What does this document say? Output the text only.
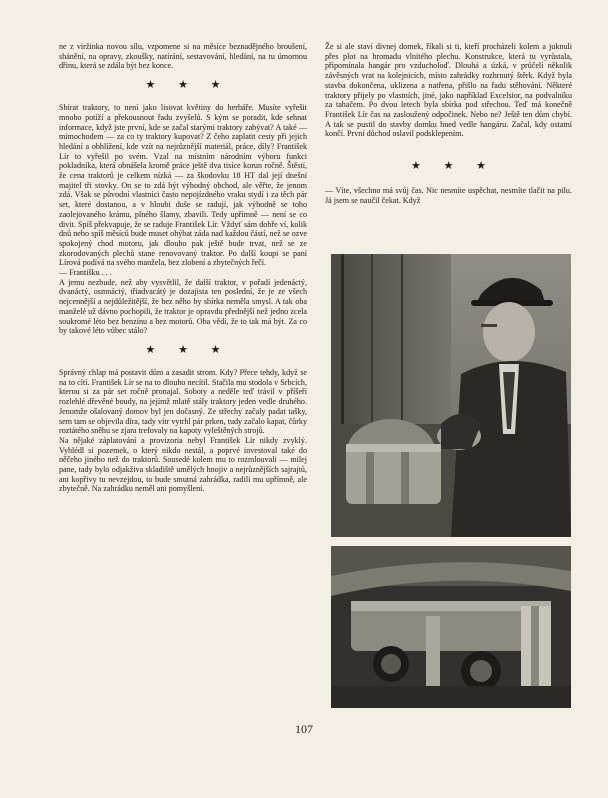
ne z viržinka novou sílu, vzpomene si na měsíce beznadějného broušení, shánění, na opravy, zkoušky, natírání, sestavování, hledání, na tu úmornou dřinu, která se zdála být bez konce.

★ ★ ★

Sbírat traktory, to není jako lisovat květiny do herbáře. Musíte vyřešit mnoho potíží a překousnout řadu zvyšelů. S kým se poradit, kde sehnat informace, když jste první, kde se začal starými traktory zabývat? A také — mimochodem — za co ty traktory kupovat? Z čeho zaplatit cesty při jejich hledání a obhlížení, kde vzít na nejrůznější materiál, práce, díly? František Lír to vyřešil po svém. Vzal na místním národním výboru funkci pokladníka, která obnášela kromě práce ještě dva tisíce korun ročně. Štěstí, že cena traktorů je celkem nízká — za škodovku 18 HT dal její dnešní majitel tři stovky. On se to zdá být výhodný obchod, ale věřte, že jenom zdá. Však se původní vlastníci často nepojízdného vraku stydí i za těch pár set, které dostanou, a v hloubi duše se radují, jak výhodně se toho zaolejovaného krámu, plného šlamy, zbavili. Tedy upřímně — není se co divit. Spíš překvapuje, že se raduje František Lír. Vždyť sám dobře ví, kolik dnů nebo spíš měsíců bude muset ohýbat záda nad každou částí, než se ozve spokojený chod motoru, jak dlouho pak ještě bude trvat, než se ze zkorodovaných plechů stane renovovaný traktor. Po další koupi se paní Lírová podívá na svého manžela, bez zlobení a zbytečných řečí.

— Františku . . .

A jemu nezbude, než aby vysvětlil, že další traktor, v pořadí jedenáctý, dvanáctý, osmnáctý, třiadvacátý je dozajista ten poslední, že je ze všech nejcennější a nejdůležitější, že bez něho by sbírka neměla smysl. A tak oba manželé už dávno pochopili, že traktor je opravdu přednější než jedno zcela soukromé léto bez benzínu a bez motorů. Oba vědí, že to tak má být. Za co by takové léto vůbec stálo?

★ ★ ★

Správný chlap má postavit dům a zasadit strom. Kdy? Přece tehdy, když se na to cítí. František Lír se na to dlouho necítil. Stačila mu stodola v Srbcích, kterou si za pár set ročně pronajal. Soboty a neděle teď trávil v příšeří rozlehlé dřevěné boudy, na jejímž mlatě stály traktory jeden vedle druhého. Jenomže ošalovaný domov byl jen dočasný. Ze střechy začaly padat tašky, sem tam se objevila díra, tady vítr vytrhl pár prken, tudy začalo kapat, čůrky roztátého sněhu se zjara trefovaly na kapoty vyleštěných strojů.

Na nějaké záplatování a provizoria nebyl František Lír nikdy zvyklý. Vyhlédl si pozemek, o který nikdo nestál, a poprvé investoval také do něčeho jiného než do traktorů. Sousedé kolem mu to rozmlouvali — milej pane, tady bylo odjakživa skladiště umělých hnojiv a nejrůznějších sajrajtů, ani kopřivy tu nevzejdou, to bude smutná zahrádka, radili mu upřímně, ale zbytečně. Na zahrádku neměl ani pomyšlení.

Že si ale staví divnej domek, říkali si ti, kteří procházeli kolem a juknuli přes plot na hromadu vlnitého plechu. Konstrukce, která tu vyrůstala, připomínala hangár pro vzducholoď. Dlouhá a úzká, v průčelí několik závěsných vrat na kolejnicích, místo zahrádky rozhrnutý štěrk. Když byla stavba dokončena, uklizena a natřena, přišlo na řadu stěhování. Některé traktory přijely po vlastních, jiné, jako například Excelsior, na podvalníku za tahačem. Po dvou letech byla sbírka pod střechou. Teď má konečně František Lír čas na zasloužený odpočinek. Nebo ne? Ještě ten dům chybí. A tak se pustil do stavby domku hned vedle hangáru. Začal, kdy ostatní končí. První důchod oslavil podsklepením.

★ ★ ★

— Víte, všechno má svůj čas. Nic nesmíte uspěchat, nesmíte tlačit na pilu. Já jsem se naučil čekat. Když

107
